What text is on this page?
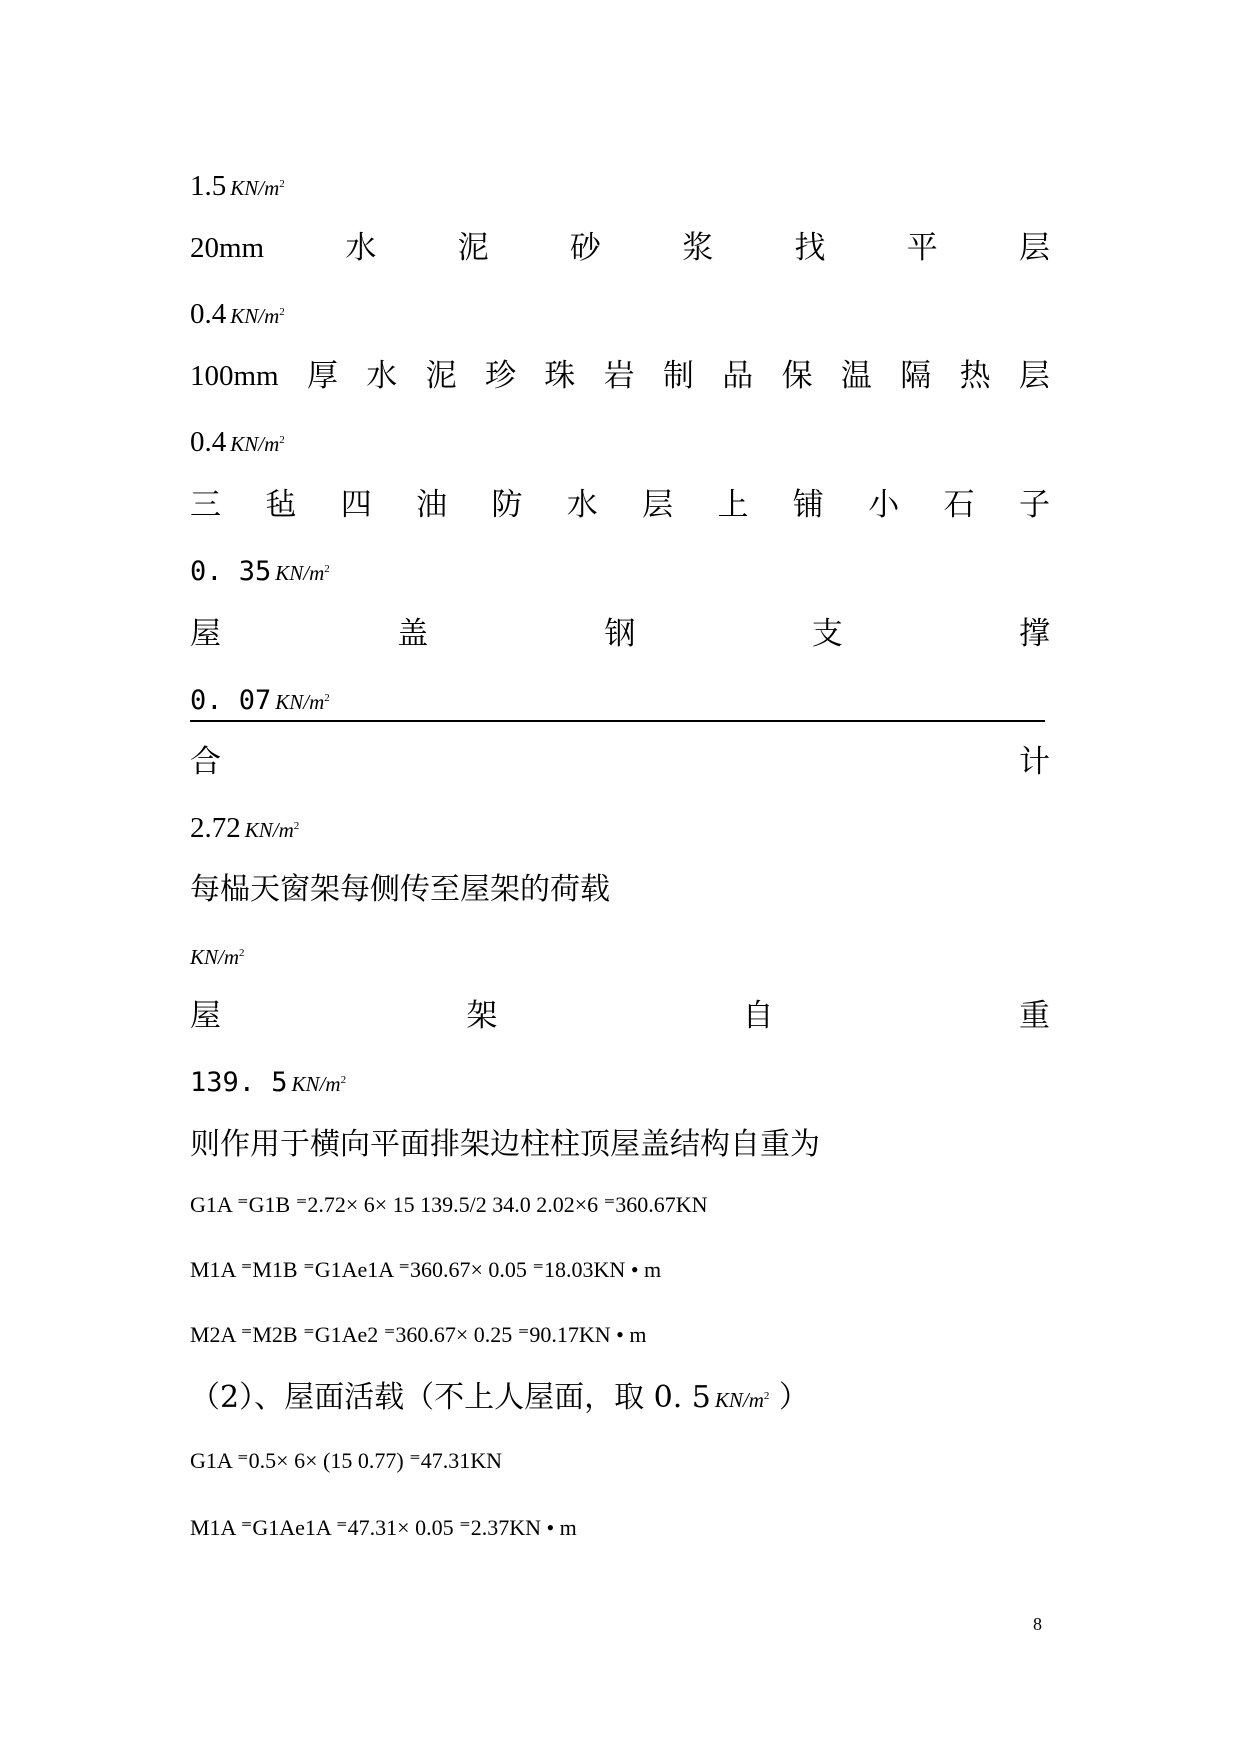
1.5 $KN/m^2$
20mm	水	泥	砂	浆	找	平	层
0.4 $KN/m^2$
100mm 厚 水 泥 珍 珠 岩 制 品 保 温 隔 热 层
0.4 $KN/m^2$
三 毡 四 油 防 水 层 上 铺 小 石 子
0. 35 $KN/m^2$
屋	盖	钢	支	撑
0. 07 $KN/m^2$
合	计
2.72 $KN/m^2$
每榀天窗架每侧传至屋架的荷载
$KN/m^2$
屋	架	自	重
139. 5 $KN/m^2$
则作用于横向平面排架边柱柱顶屋盖结构自重为
G1A ⁼G1B ⁼2.72× 6× 15 139.5/2 34.0 2.02×6 ⁼360.67KN
M1A ⁼M1B ⁼G1Ae1A ⁼360.67× 0.05 ⁼18.03KN • m
M2A ⁼M2B ⁼G1Ae2 ⁼360.67× 0.25 ⁼90.17KN • m
（2）、屋面活载（不上人屋面，取 0. 5 $KN/m^2$ ）
G1A ⁼0.5× 6× (15 0.77) ⁼47.31KN
M1A ⁼G1Ae1A ⁼47.31× 0.05 ⁼2.37KN • m
8
